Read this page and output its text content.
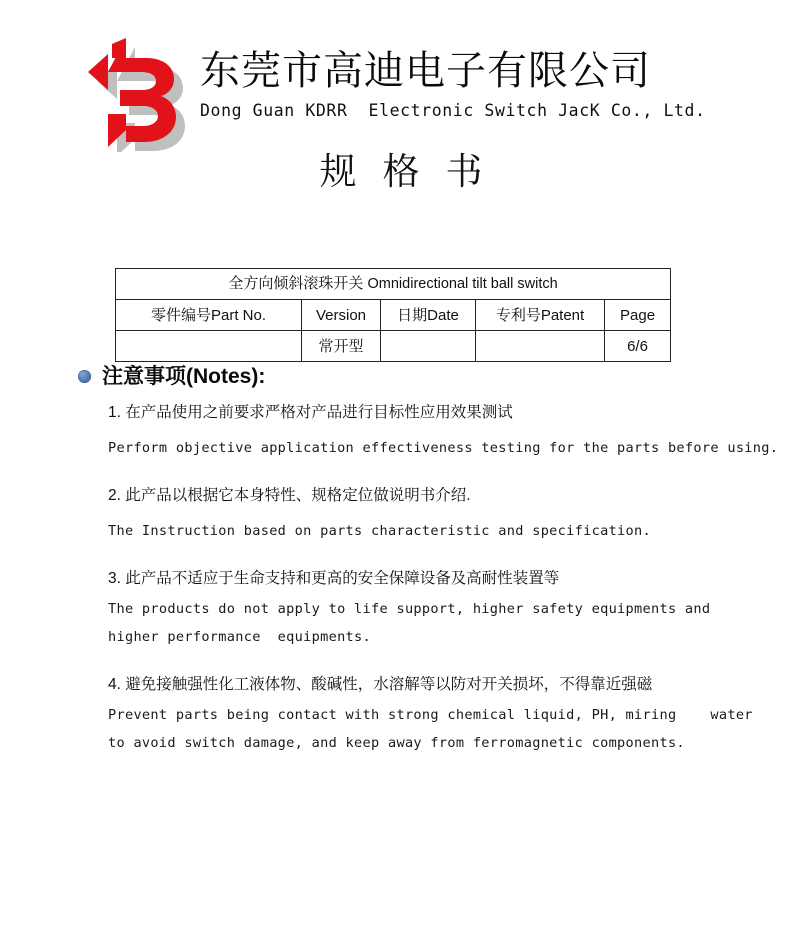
东莞市高迪电子有限公司
Dong Guan KDRR  Electronic Switch JacK Co., Ltd.
规格书
全方向倾斜滚珠开关 Omnidirectional tilt ball switch				
零件编号Part No.	Version	日期Date	专利号Patent	Page
	常开型			6/6
注意事项(Notes):
1. 在产品使用之前要求严格对产品进行目标性应用效果测试
Perform objective application effectiveness testing for the parts before using.
2. 此产品以根据它本身特性、规格定位做说明书介绍.
The Instruction based on parts characteristic and specification.
3. 此产品不适应于生命支持和更高的安全保障设备及高耐性装置等
The products do not apply to life support, higher safety equipments and
higher performance  equipments.
4. 避免接触强性化工液体物、酸碱性，水溶解等以防对开关损坏，不得靠近强磁
Prevent parts being contact with strong chemical liquid, PH, miring    water
to avoid switch damage, and keep away from ferromagnetic components.
